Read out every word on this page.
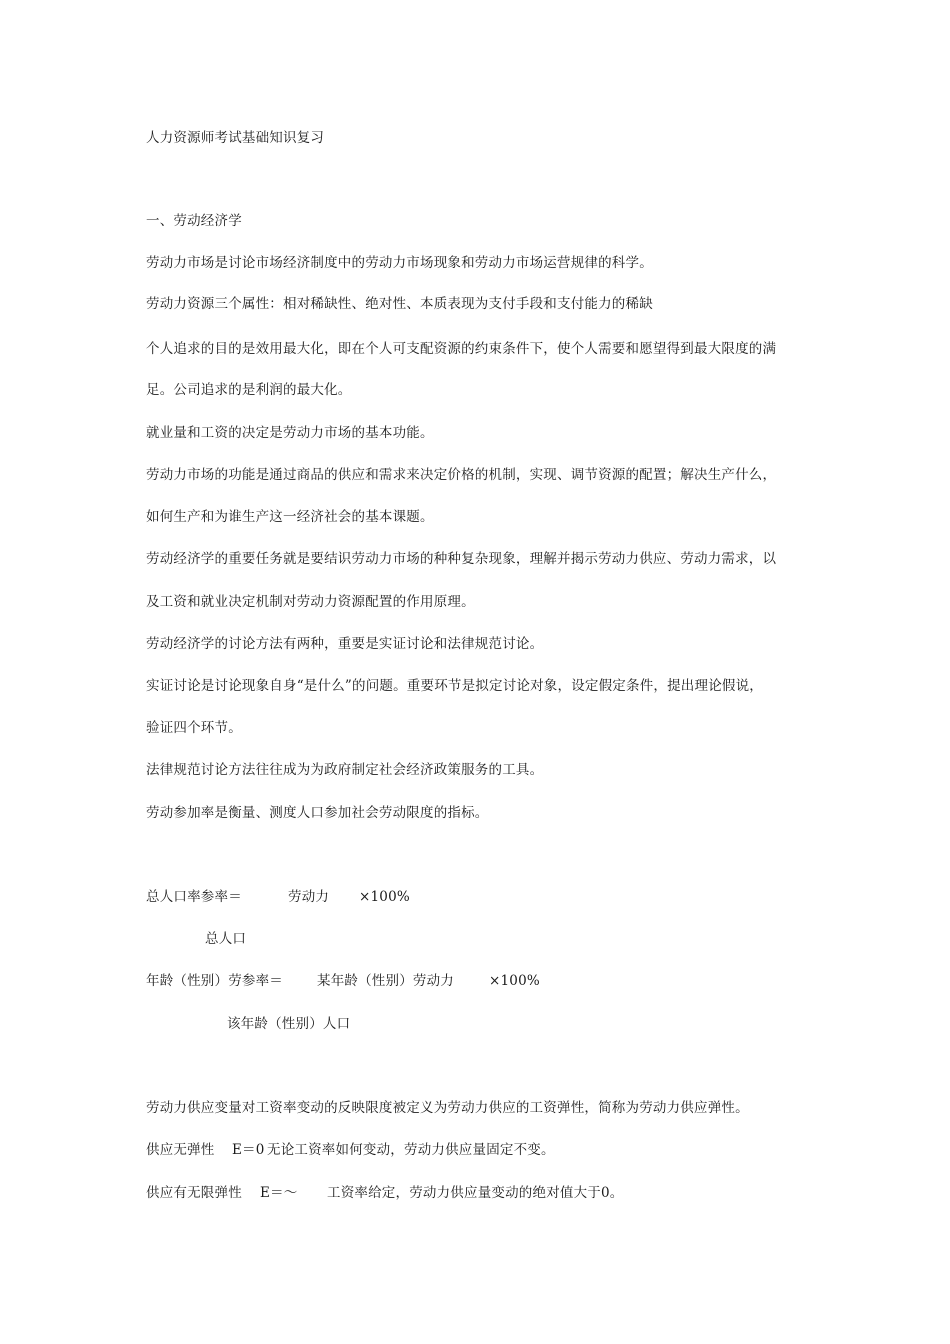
人力资源师考试基础知识复习
一、劳动经济学
劳动力市场是讨论市场经济制度中的劳动力市场现象和劳动力市场运营规律的科学。
劳动力资源三个属性：相对稀缺性、绝对性、本质表现为支付手段和支付能力的稀缺
个人追求的目的是效用最大化，即在个人可支配资源的约束条件下，使个人需要和愿望得到最大限度的满
足。公司追求的是利润的最大化。
就业量和工资的决定是劳动力市场的基本功能。
劳动力市场的功能是通过商品的供应和需求来决定价格的机制，实现、调节资源的配置；解决生产什么，
如何生产和为谁生产这一经济社会的基本课题。
劳动经济学的重要任务就是要结识劳动力市场的种种复杂现象，理解并揭示劳动力供应、劳动力需求，以
及工资和就业决定机制对劳动力资源配置的作用原理。
劳动经济学的讨论方法有两种，重要是实证讨论和法律规范讨论。
实证讨论是讨论现象自身“是什么”的问题。重要环节是拟定讨论对象，设定假定条件，提出理论假说，
验证四个环节。
法律规范讨论方法往往成为为政府制定社会经济政策服务的工具。
劳动参加率是衡量、测度人口参加社会劳动限度的指标。
总人口率参率＝	劳动力 ×100%
总人口
年龄（性别）劳参率＝	某年龄（性别）劳动力	×100%
该年龄（性别）人口
劳动力供应变量对工资率变动的反映限度被定义为劳动力供应的工资弹性，简称为劳动力供应弹性。
供应无弹性 E＝0 无论工资率如何变动，劳动力供应量固定不变。
供应有无限弹性 E＝～ 工资率给定，劳动力供应量变动的绝对值大于0。
